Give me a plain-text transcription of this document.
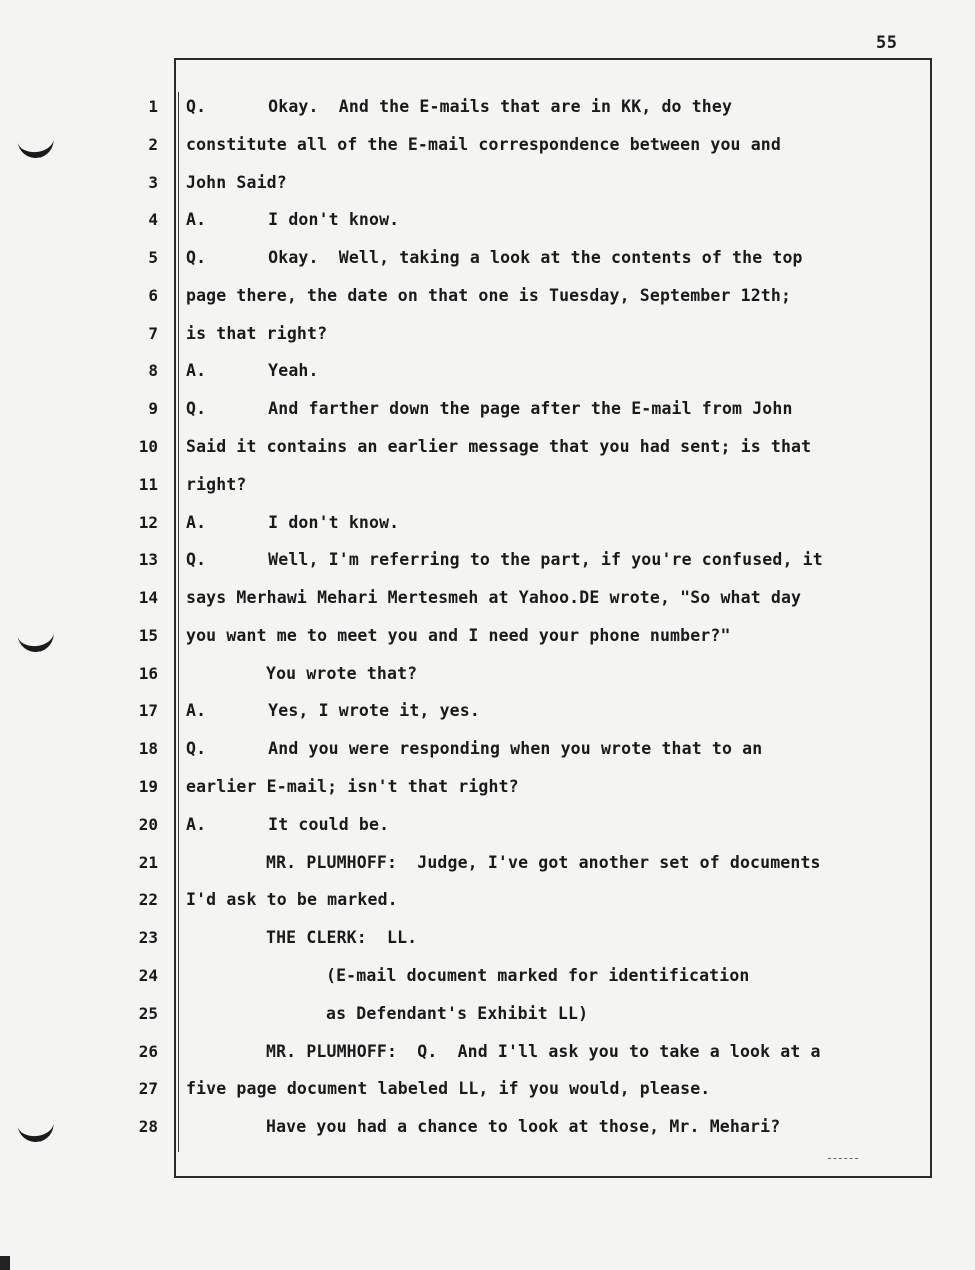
55
1 Q.	Okay.  And the E-mails that are in KK, do they
2 constitute all of the E-mail correspondence between you and
3 John Said?
4 A.	I don't know.
5 Q.	Okay.  Well, taking a look at the contents of the top
6 page there, the date on that one is Tuesday, September 12th;
7 is that right?
8 A.	Yeah.
9 Q.	And farther down the page after the E-mail from John
10 Said it contains an earlier message that you had sent; is that
11 right?
12 A.	I don't know.
13 Q.	Well, I'm referring to the part, if you're confused, it
14 says Merhawi Mehari Mertesmeh at Yahoo.DE wrote, "So what day
15 you want me to meet you and I need your phone number?"
16	You wrote that?
17 A.	Yes, I wrote it, yes.
18 Q.	And you were responding when you wrote that to an
19 earlier E-mail; isn't that right?
20 A.	It could be.
21	MR. PLUMHOFF:  Judge, I've got another set of documents
22 I'd ask to be marked.
23	THE CLERK:  LL.
24	(E-mail document marked for identification
25	as Defendant's Exhibit LL)
26	MR. PLUMHOFF:  Q.  And I'll ask you to take a look at a
27 five page document labeled LL, if you would, please.
28	Have you had a chance to look at those, Mr. Mehari?
